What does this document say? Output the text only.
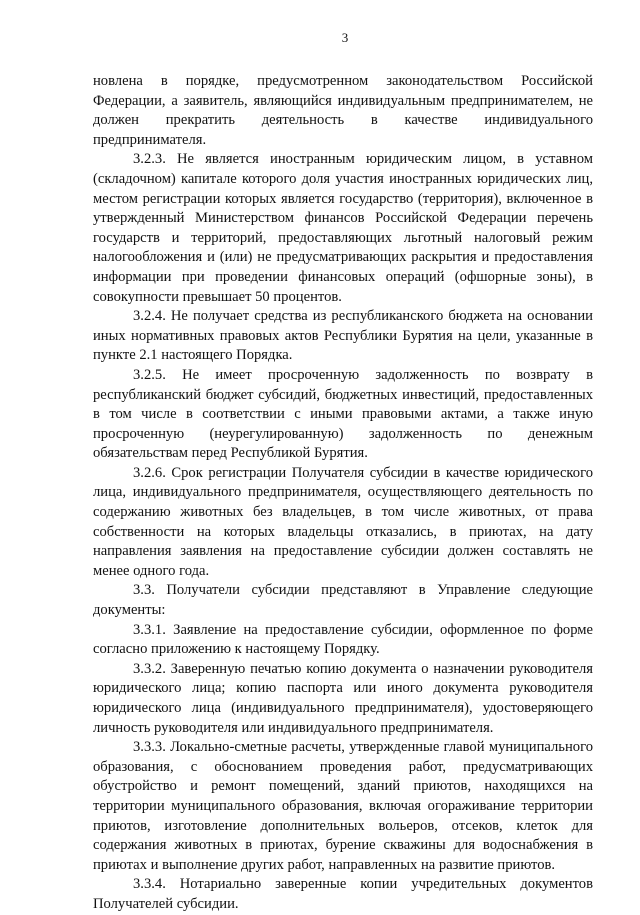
3

новлена в порядке, предусмотренном законодательством Российской Федерации, а заявитель, являющийся индивидуальным предпринимателем, не должен прекратить деятельность в качестве индивидуального предпринимателя.

3.2.3. Не является иностранным юридическим лицом, в уставном (складочном) капитале которого доля участия иностранных юридических лиц, местом регистрации которых является государство (территория), включенное в утвержденный Министерством финансов Российской Федерации перечень государств и территорий, предоставляющих льготный налоговый режим налогообложения и (или) не предусматривающих раскрытия и предоставления информации при проведении финансовых операций (офшорные зоны), в совокупности превышает 50 процентов.

3.2.4. Не получает средства из республиканского бюджета на основании иных нормативных правовых актов Республики Бурятия на цели, указанные в пункте 2.1 настоящего Порядка.

3.2.5. Не имеет просроченную задолженность по возврату в республиканский бюджет субсидий, бюджетных инвестиций, предоставленных в том числе в соответствии с иными правовыми актами, а также иную просроченную (неурегулированную) задолженность по денежным обязательствам перед Республикой Бурятия.

3.2.6. Срок регистрации Получателя субсидии в качестве юридического лица, индивидуального предпринимателя, осуществляющего деятельность по содержанию животных без владельцев, в том числе животных, от права собственности на которых владельцы отказались, в приютах, на дату направления заявления на предоставление субсидии должен составлять не менее одного года.

3.3. Получатели субсидии представляют в Управление следующие документы:

3.3.1. Заявление на предоставление субсидии, оформленное по форме согласно приложению к настоящему Порядку.

3.3.2. Заверенную печатью копию документа о назначении руководителя юридического лица; копию паспорта или иного документа руководителя юридического лица (индивидуального предпринимателя), удостоверяющего личность руководителя или индивидуального предпринимателя.

3.3.3. Локально-сметные расчеты, утвержденные главой муниципального образования, с обоснованием проведения работ, предусматривающих обустройство и ремонт помещений, зданий приютов, находящихся на территории муниципального образования, включая огораживание территории приютов, изготовление дополнительных вольеров, отсеков, клеток для содержания животных в приютах, бурение скважины для водоснабжения в приютах и выполнение других работ, направленных на развитие приютов.

3.3.4. Нотариально заверенные копии учредительных документов Получателей субсидии.
